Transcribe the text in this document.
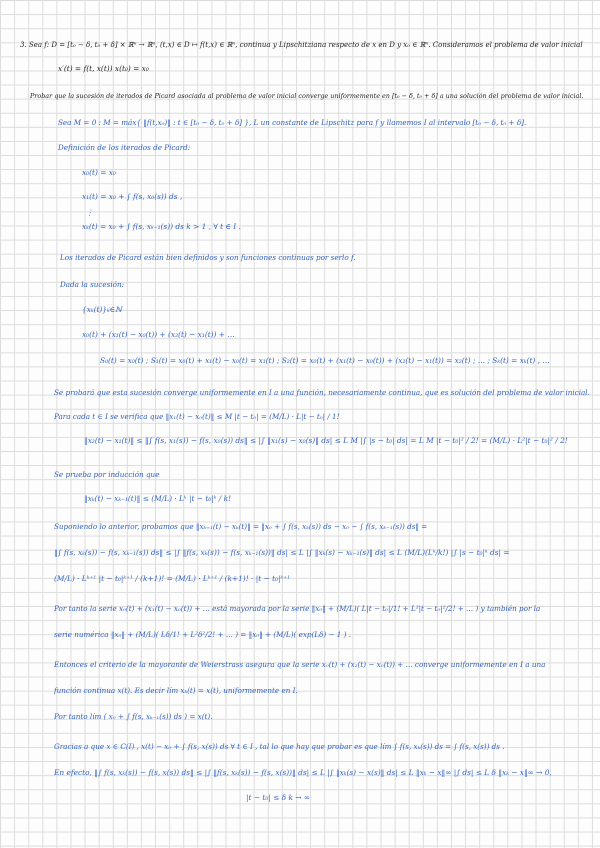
3. Sea f: D = [t₀ − δ, t₀ + δ] × ℝⁿ → ℝⁿ, (t,x) ∈ D ↦ f(t,x) ∈ ℝⁿ, continua y Lipschitziana respecto de x en D y x₀ ∈ ℝⁿ. Consideramos el problema de valor inicial
x′(t) = f(t, x(t)) x(t₀) = x₀
Probar que la sucesión de iterados de Picard asociada al problema de valor inicial converge uniformemente en [t₀ − δ, t₀ + δ] a una solución del problema de valor inicial.
Sea M = 0 : M = máx{ ‖f(t,x₀)‖ : t ∈ [t₀ − δ, t₀ + δ] }, L un constante de Lipschitz para f y llamemos I al intervalo [t₀ − δ, t₀ + δ].
Definición de los iterados de Picard:
x₀(t) = x₀
x₁(t) = x₀ + ∫ f(s, x₀(s)) ds ,
⋮
xₖ(t) = x₀ + ∫ f(s, xₖ₋₁(s)) ds k > 1 , ∀ t ∈ I .
Los iterados de Picard están bien definidos y son funciones continuas por serlo f.
Dada la sucesión:
{xₖ(t)}ₖ∈ℕ
x₀(t) + (x₁(t) − x₀(t)) + (x₂(t) − x₁(t)) + …
S₀(t) = x₀(t) ; S₁(t) = x₀(t) + x₁(t) − x₀(t) = x₁(t) ; S₂(t) = x₀(t) + (x₁(t) − x₀(t)) + (x₂(t) − x₁(t)) = x₂(t) ; … ; Sₖ(t) = xₖ(t) , …
Se probará que esta sucesión converge uniformemente en I a una función, necesariamente continua, que es solución del problema de valor inicial.
Para cada t ∈ I se verifica que ‖x₁(t) − x₀(t)‖ ≤ M |t − t₀| = (M/L) · L|t − t₀| / 1!
‖x₂(t) − x₁(t)‖ ≤ ‖∫ f(s, x₁(s)) − f(s, x₀(s)) ds‖ ≤ |∫ ‖x₁(s) − x₀(s)‖ ds| ≤ L M |∫ |s − t₀| ds| = L M |t − t₀|² / 2! = (M/L) · L²|t − t₀|² / 2!
Se prueba por inducción que
‖xₖ(t) − xₖ₋₁(t)‖ ≤ (M/L) · Lᵏ |t − t₀|ᵏ / k!
Suponiendo lo anterior, probamos que ‖xₖ₊₁(t) − xₖ(t)‖ = ‖x₀ + ∫ f(s, xₖ(s)) ds − x₀ − ∫ f(s, xₖ₋₁(s)) ds‖ =
‖∫ f(s, xₖ(s)) − f(s, xₖ₋₁(s)) ds‖ ≤ |∫ ‖f(s, xₖ(s)) − f(s, xₖ₋₁(s))‖ ds| ≤ L |∫ ‖xₖ(s) − xₖ₋₁(s)‖ ds| ≤ L (M/L)(Lᵏ/k!) |∫ |s − t₀|ᵏ ds| =
(M/L) · Lᵏ⁺¹ |t − t₀|ᵏ⁺¹ / (k+1)! = (M/L) · Lᵏ⁺¹ / (k+1)! · |t − t₀|ᵏ⁺¹
Por tanto la serie x₀(t) + (x₁(t) − x₀(t)) + … está mayorada por la serie ‖x₀‖ + (M/L)( L|t − t₀|/1! + L²|t − t₀|²/2! + … ) y también por la
serie numérica ‖x₀‖ + (M/L)( Lδ/1! + L²δ²/2! + … ) = ‖x₀‖ + (M/L)( exp(Lδ) − 1 ) .
Entonces el criterio de la mayorante de Weierstrass asegura que la serie x₀(t) + (x₁(t) − x₀(t)) + … converge uniformemente en I a una
función continua x(t). Es decir lím xₖ(t) = x(t), uniformemente en I.
Por tanto lím ( x₀ + ∫ f(s, xₖ₋₁(s)) ds ) = x(t).
Gracias a que x ∈ C(I) , x(t) − x₀ + ∫ f(s, x(s)) ds ∀ t ∈ I , tal lo que hay que probar es que lím ∫ f(s, xₖ(s)) ds = ∫ f(s, x(s)) ds .
En efecto, ‖∫ f(s, xₖ(s)) − f(s, x(s)) ds‖ ≤ |∫ ‖f(s, xₖ(s)) − f(s, x(s))‖ ds| ≤ L |∫ ‖xₖ(s) − x(s)‖ ds| ≤ L ‖xₖ − x‖∞ |∫ ds| ≤ L δ ‖xₖ − x‖∞ → 0,
|t − t₀| ≤ δ k → ∞
